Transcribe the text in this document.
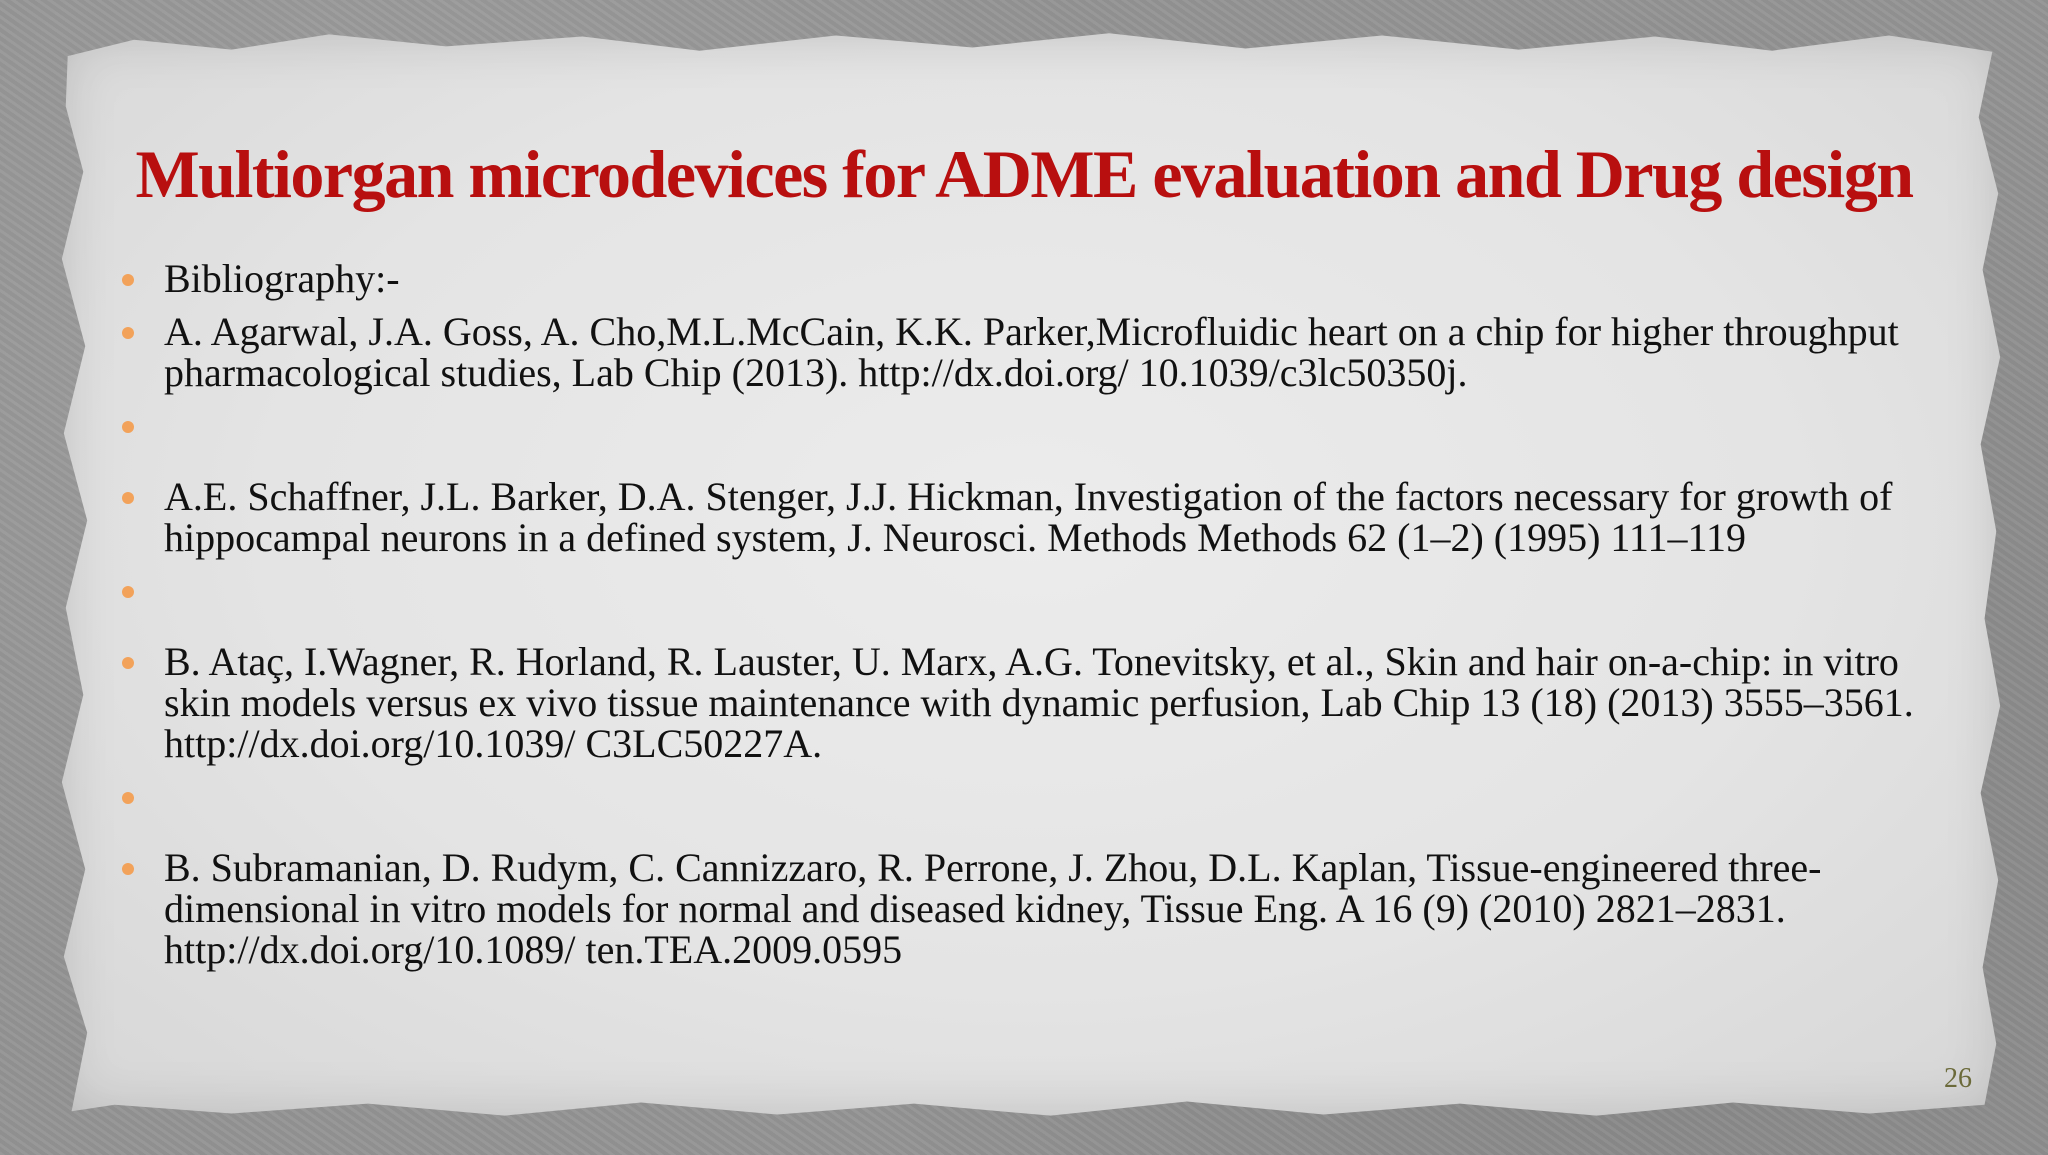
Multiorgan microdevices for ADME evaluation and Drug design
Bibliography:-
A. Agarwal, J.A. Goss, A. Cho,M.L.McCain, K.K. Parker,Microfluidic heart on a chip for higher throughput pharmacological studies, Lab Chip (2013). http://dx.doi.org/ 10.1039/c3lc50350j.
A.E. Schaffner, J.L. Barker, D.A. Stenger, J.J. Hickman, Investigation of the factors necessary for growth of hippocampal neurons in a defined system, J. Neurosci. Methods Methods 62 (1–2) (1995) 111–119
B. Ataç, I.Wagner, R. Horland, R. Lauster, U. Marx, A.G. Tonevitsky, et al., Skin and hair on-a-chip: in vitro skin models versus ex vivo tissue maintenance with dynamic perfusion, Lab Chip 13 (18) (2013) 3555–3561. http://dx.doi.org/10.1039/ C3LC50227A.
B. Subramanian, D. Rudym, C. Cannizzaro, R. Perrone, J. Zhou, D.L. Kaplan, Tissue-engineered three-dimensional in vitro models for normal and diseased kidney, Tissue Eng. A 16 (9) (2010) 2821–2831. http://dx.doi.org/10.1089/ ten.TEA.2009.0595
26
